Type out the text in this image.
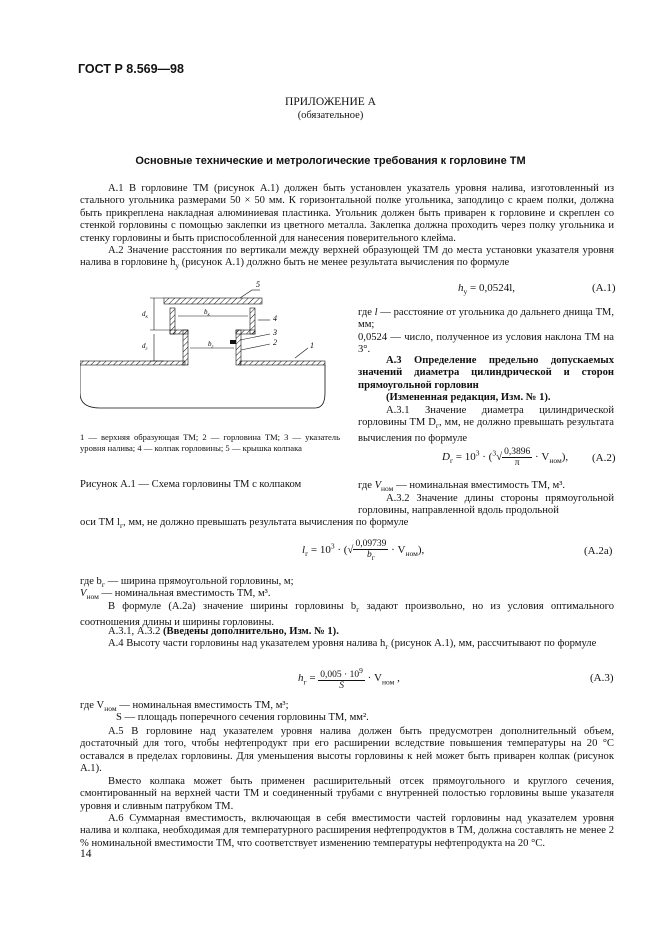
ГОСТ Р 8.569—98
ПРИЛОЖЕНИЕ А
(обязательное)
Основные технические и метрологические требования к горловине ТМ

А.1 В горловине ТМ (рисунок А.1) должен быть установлен указатель уровня налива, изготовленный из стального угольника размерами 50 × 50 мм. К горизонтальной полке угольника, заподлицо с краем полки, должна быть прикреплена накладная алюминиевая пластинка. Угольник должен быть приварен к горловине и скреплен со стенкой горловины с помощью заклепки из цветного металла. Заклепка должна проходить через полку угольника и стенку горловины и быть приспособленной для нанесения поверительного клейма.

А.2 Значение расстояния по вертикали между верхней образующей ТМ до места установки указателя уровня налива в горловине $h_y$ (рисунок А.1) должно быть не менее результата вычисления по формуле

$h_y = 0,0524l$,	(А.1)
5
4
3
2	1
$b_к$
$b_г$
$d_к$
$d_г$

1 — верхняя образующая ТМ; 2 — горловина ТМ; 3 — указатель уровня налива; 4 — колпак горловины; 5 — крышка колпака

Рисунок А.1 — Схема горловины ТМ с колпаком

где l — расстояние от угольника до дальнего днища ТМ, мм;

0,0524 — число, полученное из условия наклона ТМ на 3°.

А.3 Определение предельно допускаемых значений диаметра цилиндрической и сторон прямоугольной горловин

(Измененная редакция, Изм. № 1).

А.3.1 Значение диаметра цилиндрической горловины ТМ $D_г$, мм, не должно превышать результата вычисления по формуле

$D_г = 10^3 \cdot (^3√ \frac{0,3896}{\pi} \cdot V_{ном})$, (А.2)

где $V_{ном}$ — номинальная вместимость ТМ, м³.

А.3.2 Значение длины стороны прямоугольной горловины, направленной вдоль продольной

оси ТМ $l_г$, мм, не должно превышать результата вычисления по формуле

$l_г = 10^3$ · (√ $\frac{0,09739}{b_г} \cdot V_{ном}$),	(А.2а)

где $b_г$ — ширина прямоугольной горловины, м;

$V_{ном}$ — номинальная вместимость ТМ, м³.

В формуле (А.2а) значение ширины горловины $b_г$ задают произвольно, но из условия оптимального соотношения длины и ширины горловины.

А.3.1, А.3.2 (Введены дополнительно, Изм. № 1).

А.4 Высоту части горловины над указателем уровня налива $h_г$ (рисунок А.1), мм, рассчитывают по формуле

$h_г = \frac{0,005 \cdot 10^9}{S} \cdot V_{ном}$ ,	(А.3)

где $V_{ном}$ — номинальная вместимость ТМ, м³;

S — площадь поперечного сечения горловины ТМ, мм².

А.5 В горловине над указателем уровня налива должен быть предусмотрен дополнительный объем, достаточный для того, чтобы нефтепродукт при его расширении вследствие повышения температуры на 20 °С оставался в пределах горловины. Для уменьшения высоты горловины к ней может быть приварен колпак (рисунок А.1).

Вместо колпака может быть применен расширительный отсек прямоугольного и круглого сечения, смонтированный на верхней части ТМ и соединенный трубами с внутренней полостью горловины выше указателя уровня и сливным патрубком ТМ.

А.6 Суммарная вместимость, включающая в себя вместимости частей горловины над указателем уровня налива и колпака, необходимая для температурного расширения нефтепродуктов в ТМ, должна составлять не менее 2 % номинальной вместимости ТМ, что соответствует изменению температуры нефтепродукта на 20 °С.

14
